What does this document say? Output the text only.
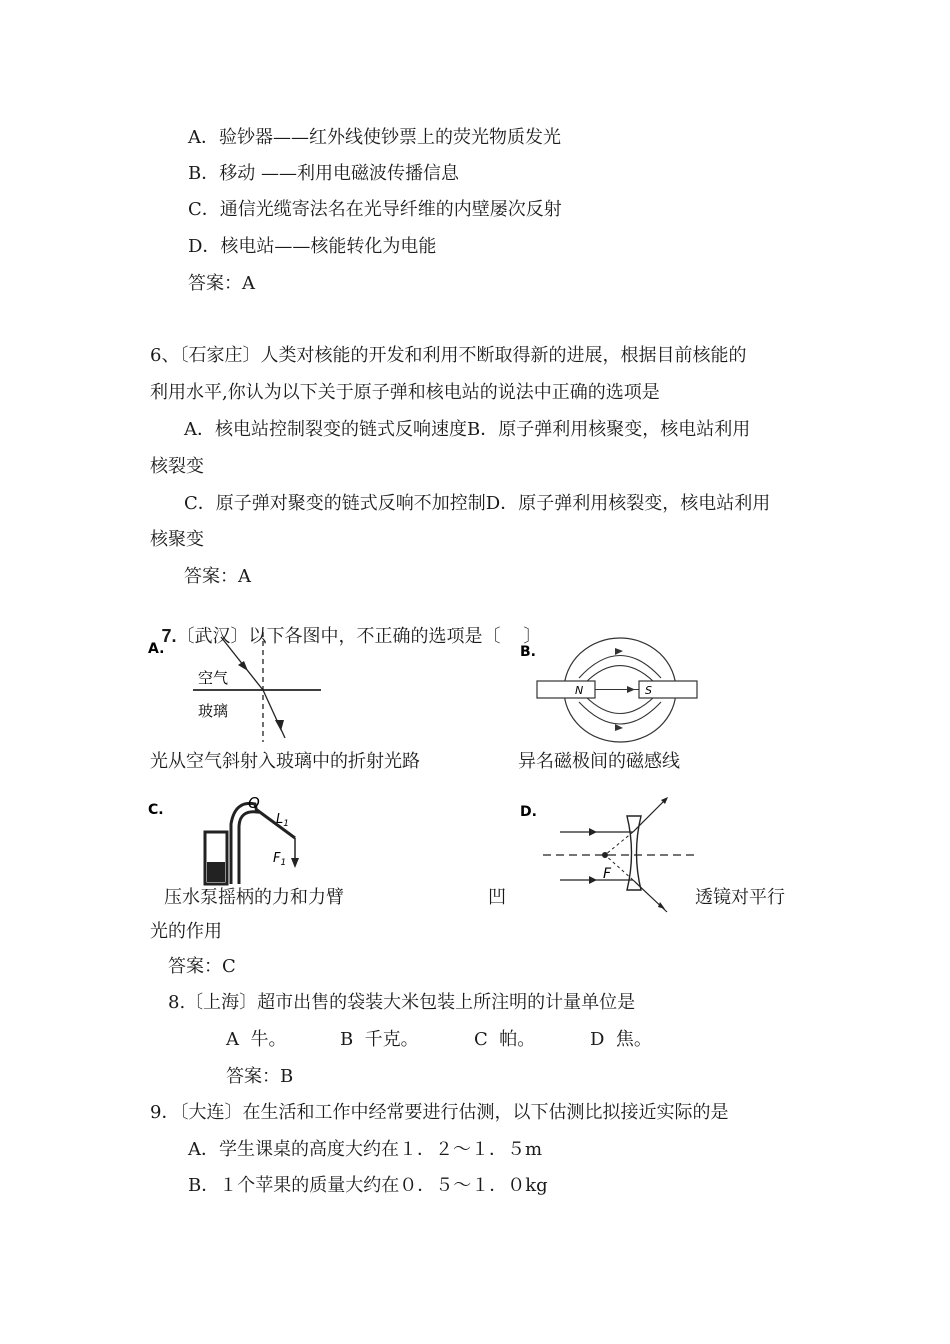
A．验钞器——红外线使钞票上的荧光物质发光
B．移动 ——利用电磁波传播信息
C．通信光缆寄法名在光导纤维的内壁屡次反射
D．核电站——核能转化为电能
答案：A
6、〔石家庄〕人类对核能的开发和利用不断取得新的进展，根据目前核能的
利用水平,你认为以下关于原子弹和核电站的说法中正确的选项是
A．核电站控制裂变的链式反响速度B．原子弹利用核聚变，核电站利用
核裂变
C．原子弹对聚变的链式反响不加控制D．原子弹利用核裂变，核电站利用
核聚变
答案：A

7.〔武汉〕以下各图中，不正确的选项是〔    〕

A.
空气
玻璃
光从空气斜射入玻璃中的折射光路
B.
N	S
异名磁极间的磁感线
C.	O
$L_1$
$F_1$
压水泵摇柄的力和力臂
D.
F
凹	透镜对平行
光的作用
答案：C
8.〔上海〕超市出售的袋装大米包装上所注明的计量单位是
A  牛。	B  千克。	C  帕。	D  焦。
答案：B
9．〔大连〕在生活和工作中经常要进行估测，以下估测比拟接近实际的是
A．学生课桌的高度大约在１．２～１．５m
B．１个苹果的质量大约在０．５～１．０kg
